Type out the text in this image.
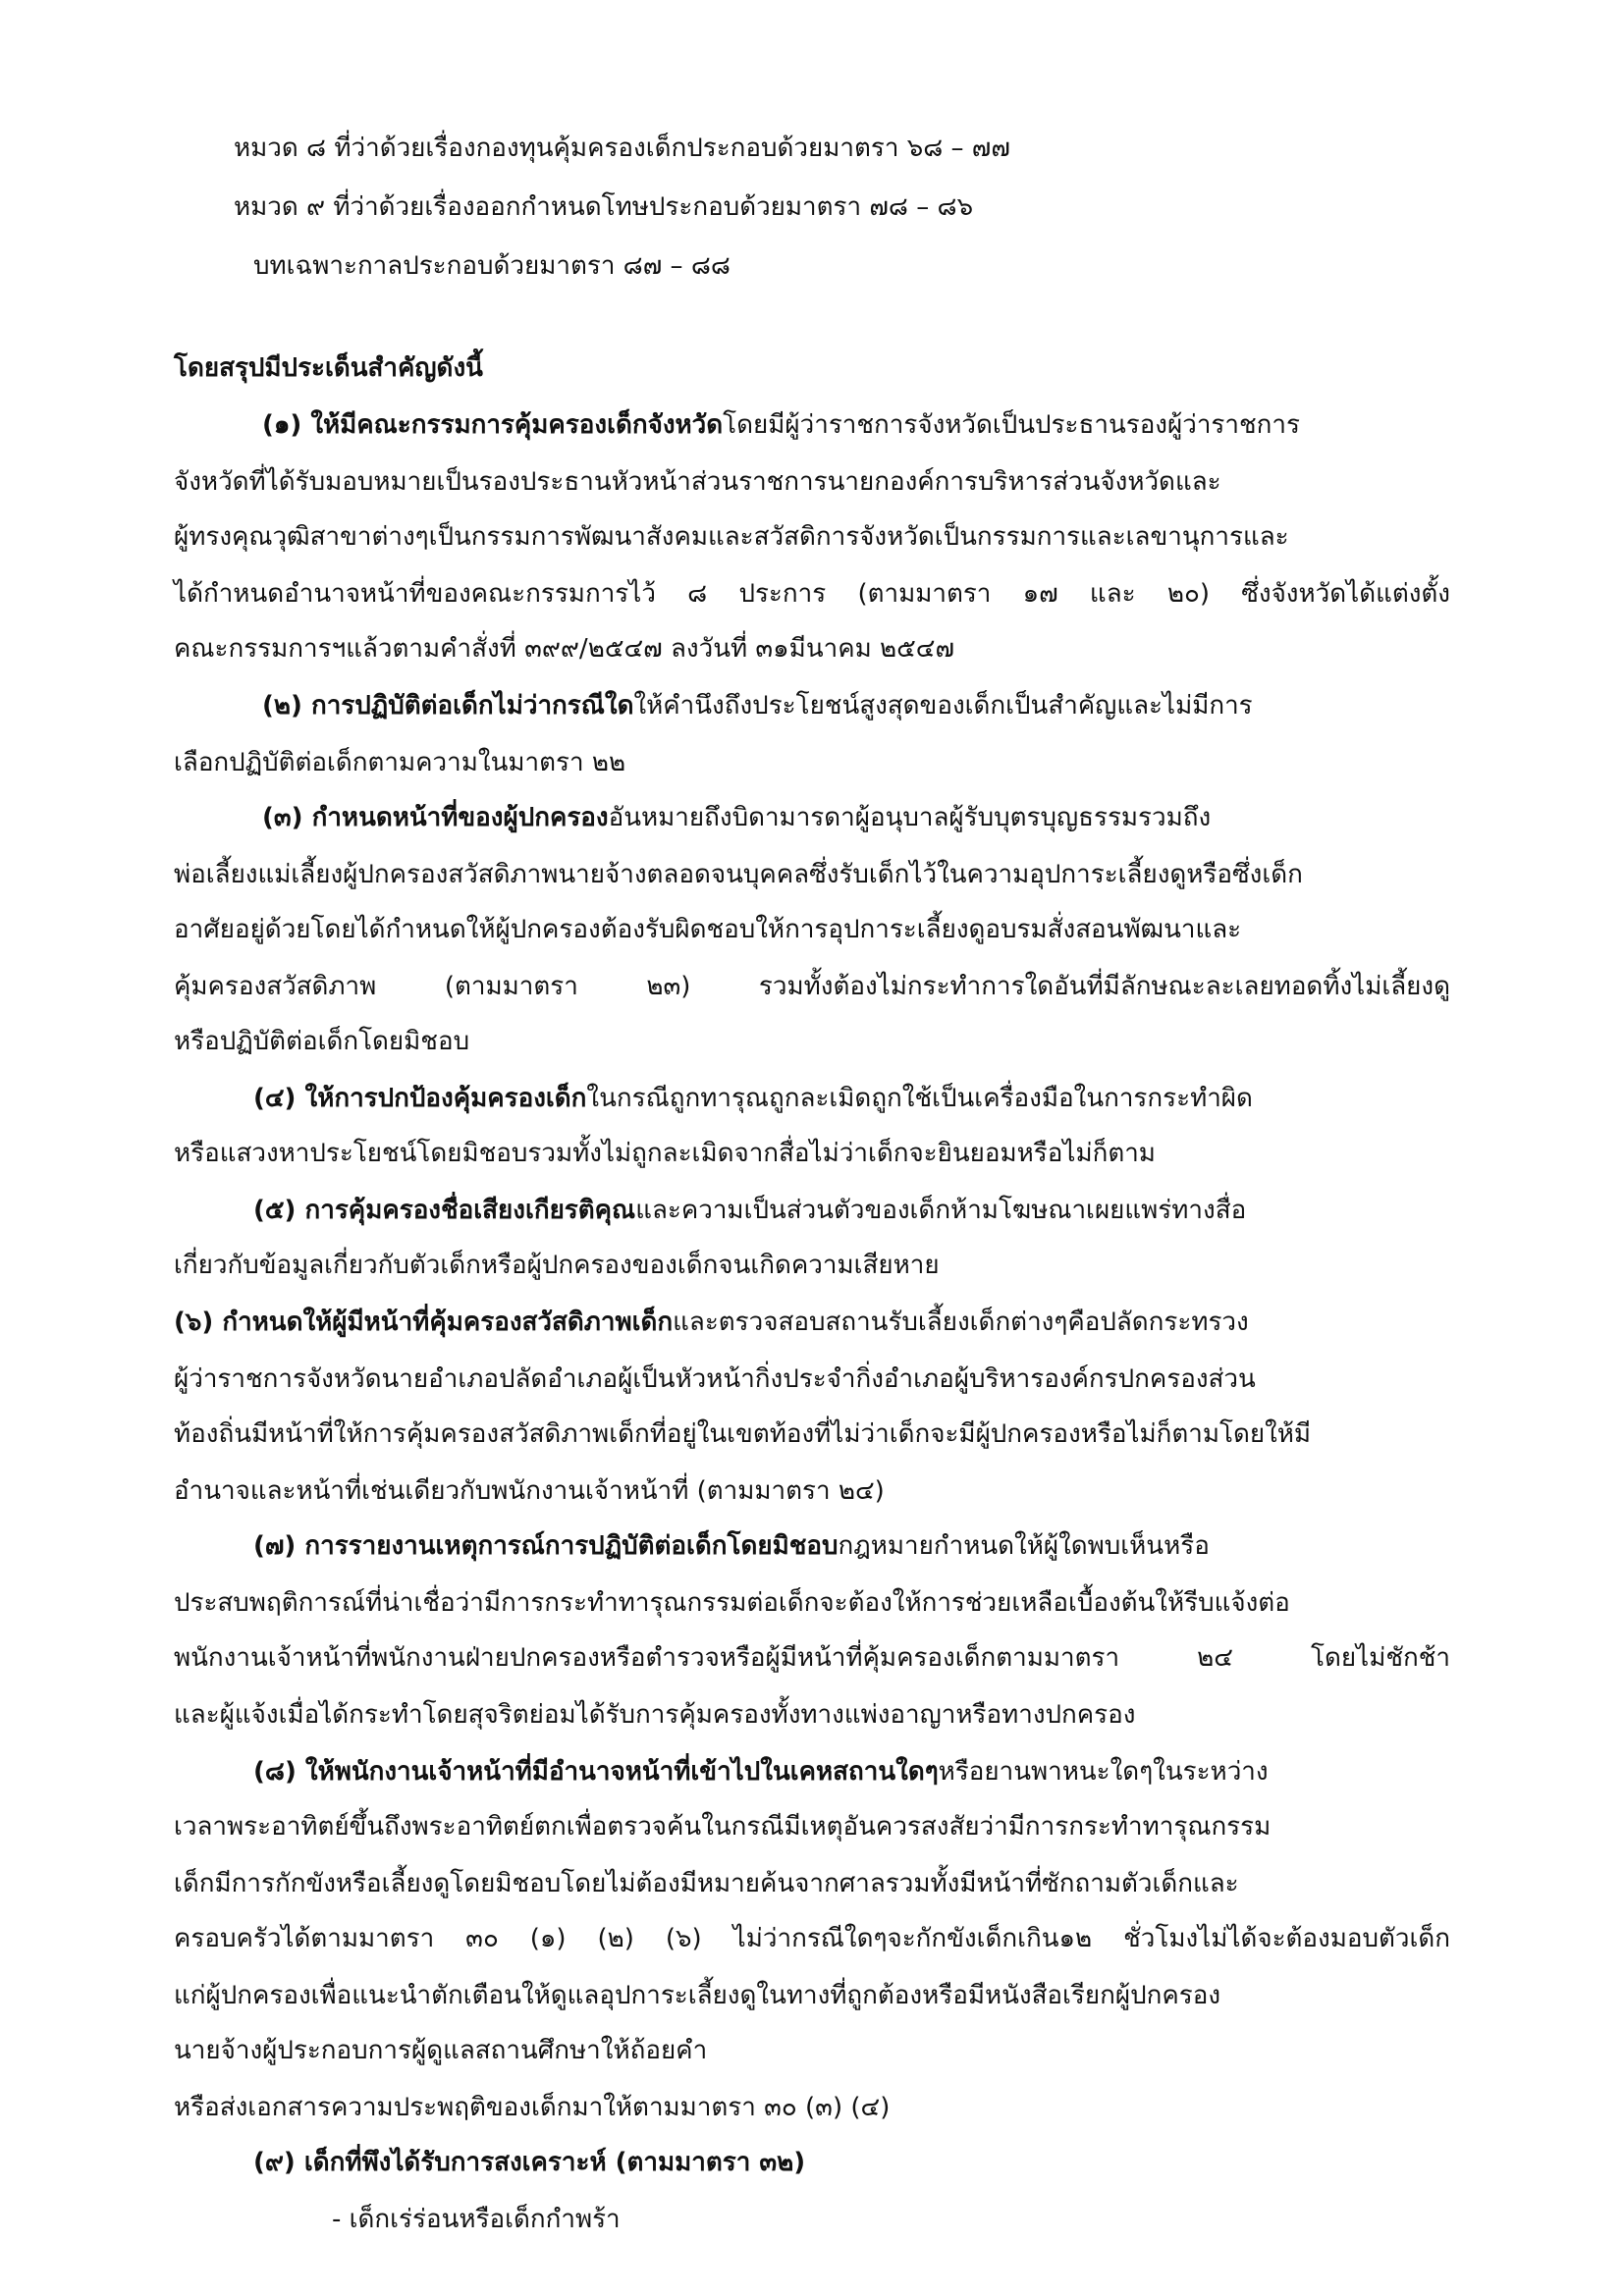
หมวด ๘ ที่ว่าด้วยเรื่องกองทุนคุ้มครองเด็กประกอบด้วยมาตรา ๖๘ – ๗๗
หมวด ๙ ที่ว่าด้วยเรื่องออกกำหนดโทษประกอบด้วยมาตรา ๗๘ – ๘๖
บทเฉพาะกาลประกอบด้วยมาตรา ๘๗ – ๘๘
โดยสรุปมีประเด็นสำคัญดังนี้
(๑) ให้มีคณะกรรมการคุ้มครองเด็กจังหวัดโดยมีผู้ว่าราชการจังหวัดเป็นประธานรองผู้ว่าราชการ
จังหวัดที่ได้รับมอบหมายเป็นรองประธานหัวหน้าส่วนราชการนายกองค์การบริหารส่วนจังหวัดและ
ผู้ทรงคุณวุฒิสาขาต่างๆเป็นกรรมการพัฒนาสังคมและสวัสดิการจังหวัดเป็นกรรมการและเลขานุการและ
ได้กำหนดอำนาจหน้าที่ของคณะกรรมการไว้ ๘ ประการ (ตามมาตรา ๑๗ และ ๒๐) ซึ่งจังหวัดได้แต่งตั้ง
คณะกรรมการฯแล้วตามคำสั่งที่ ๓๙๙/๒๕๔๗ ลงวันที่ ๓๑มีนาคม ๒๕๔๗
(๒) การปฏิบัติต่อเด็กไม่ว่ากรณีใดให้คำนึงถึงประโยชน์สูงสุดของเด็กเป็นสำคัญและไม่มีการ
เลือกปฏิบัติต่อเด็กตามความในมาตรา ๒๒
(๓) กำหนดหน้าที่ของผู้ปกครองอันหมายถึงบิดามารดาผู้อนุบาลผู้รับบุตรบุญธรรมรวมถึง
พ่อเลี้ยงแม่เลี้ยงผู้ปกครองสวัสดิภาพนายจ้างตลอดจนบุคคลซึ่งรับเด็กไว้ในความอุปการะเลี้ยงดูหรือซึ่งเด็ก
อาศัยอยู่ด้วยโดยได้กำหนดให้ผู้ปกครองต้องรับผิดชอบให้การอุปการะเลี้ยงดูอบรมสั่งสอนพัฒนาและ
คุ้มครองสวัสดิภาพ (ตามมาตรา ๒๓) รวมทั้งต้องไม่กระทำการใดอันที่มีลักษณะละเลยทอดทิ้งไม่เลี้ยงดู
หรือปฏิบัติต่อเด็กโดยมิชอบ
(๔) ให้การปกป้องคุ้มครองเด็กในกรณีถูกทารุณถูกละเมิดถูกใช้เป็นเครื่องมือในการกระทำผิด
หรือแสวงหาประโยชน์โดยมิชอบรวมทั้งไม่ถูกละเมิดจากสื่อไม่ว่าเด็กจะยินยอมหรือไม่ก็ตาม
(๕) การคุ้มครองชื่อเสียงเกียรติคุณและความเป็นส่วนตัวของเด็กห้ามโฆษณาเผยแพร่ทางสื่อ
เกี่ยวกับข้อมูลเกี่ยวกับตัวเด็กหรือผู้ปกครองของเด็กจนเกิดความเสียหาย
(๖) กำหนดให้ผู้มีหน้าที่คุ้มครองสวัสดิภาพเด็กและตรวจสอบสถานรับเลี้ยงเด็กต่างๆคือปลัดกระทรวง
ผู้ว่าราชการจังหวัดนายอำเภอปลัดอำเภอผู้เป็นหัวหน้ากิ่งประจำกิ่งอำเภอผู้บริหารองค์กรปกครองส่วน
ท้องถิ่นมีหน้าที่ให้การคุ้มครองสวัสดิภาพเด็กที่อยู่ในเขตท้องที่ไม่ว่าเด็กจะมีผู้ปกครองหรือไม่ก็ตามโดยให้มี
อำนาจและหน้าที่เช่นเดียวกับพนักงานเจ้าหน้าที่ (ตามมาตรา ๒๔)
(๗) การรายงานเหตุการณ์การปฏิบัติต่อเด็กโดยมิชอบกฎหมายกำหนดให้ผู้ใดพบเห็นหรือ
ประสบพฤติการณ์ที่น่าเชื่อว่ามีการกระทำทารุณกรรมต่อเด็กจะต้องให้การช่วยเหลือเบื้องต้นให้รีบแจ้งต่อ
พนักงานเจ้าหน้าที่พนักงานฝ่ายปกครองหรือตำรวจหรือผู้มีหน้าที่คุ้มครองเด็กตามมาตรา ๒๔ โดยไม่ชักช้า
และผู้แจ้งเมื่อได้กระทำโดยสุจริตย่อมได้รับการคุ้มครองทั้งทางแพ่งอาญาหรือทางปกครอง
(๘) ให้พนักงานเจ้าหน้าที่มีอำนาจหน้าที่เข้าไปในเคหสถานใดๆหรือยานพาหนะใดๆในระหว่าง
เวลาพระอาทิตย์ขึ้นถึงพระอาทิตย์ตกเพื่อตรวจค้นในกรณีมีเหตุอันควรสงสัยว่ามีการกระทำทารุณกรรม
เด็กมีการกักขังหรือเลี้ยงดูโดยมิชอบโดยไม่ต้องมีหมายค้นจากศาลรวมทั้งมีหน้าที่ซักถามตัวเด็กและ
ครอบครัวได้ตามมาตรา ๓๐ (๑) (๒) (๖) ไม่ว่ากรณีใดๆจะกักขังเด็กเกิน๑๒ ชั่วโมงไม่ได้จะต้องมอบตัวเด็ก
แก่ผู้ปกครองเพื่อแนะนำตักเตือนให้ดูแลอุปการะเลี้ยงดูในทางที่ถูกต้องหรือมีหนังสือเรียกผู้ปกครอง
นายจ้างผู้ประกอบการผู้ดูแลสถานศึกษาให้ถ้อยคำ
หรือส่งเอกสารความประพฤติของเด็กมาให้ตามมาตรา ๓๐ (๓) (๔)
(๙) เด็กที่พึงได้รับการสงเคราะห์ (ตามมาตรา ๓๒)
- เด็กเร่ร่อนหรือเด็กกำพร้า
